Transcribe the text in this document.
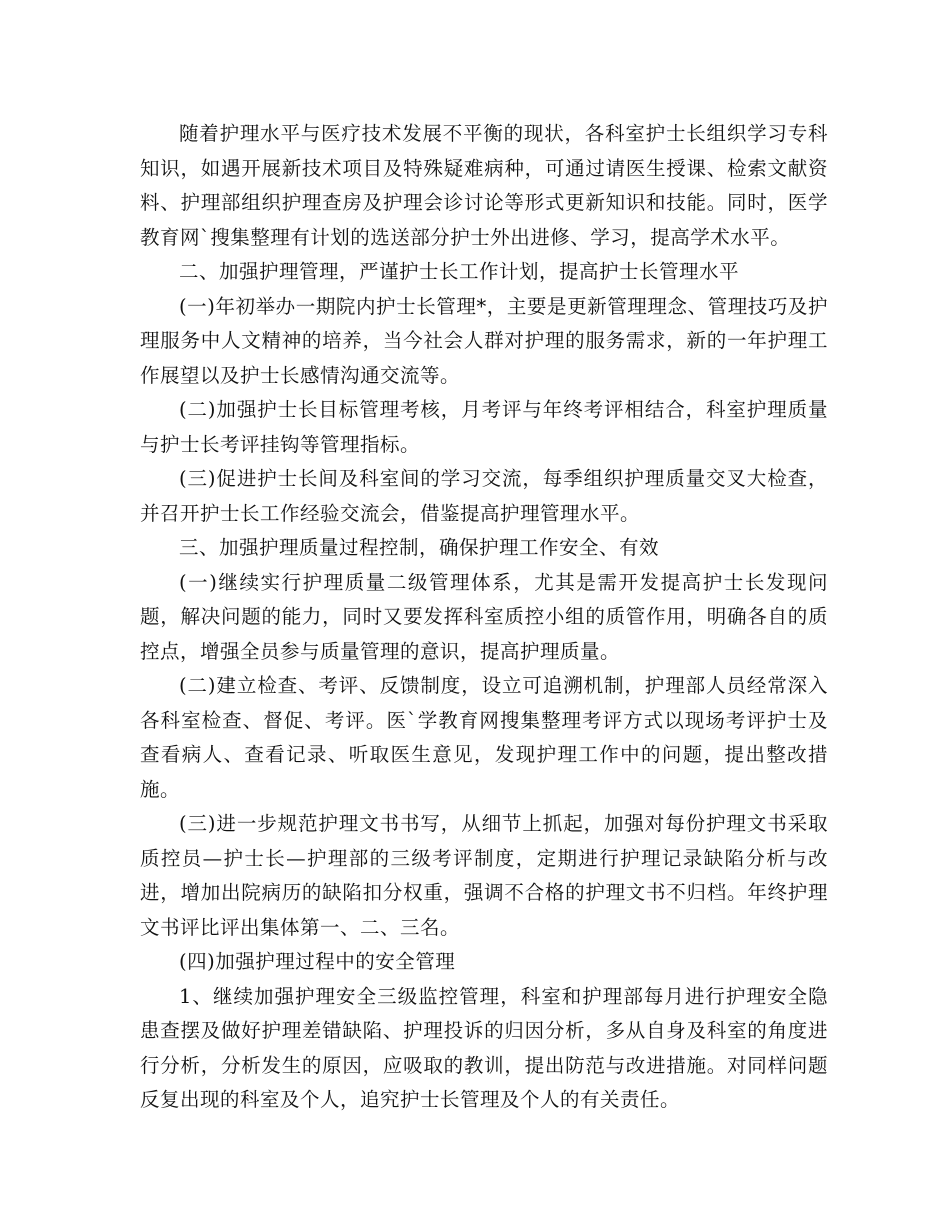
随着护理水平与医疗技术发展不平衡的现状，各科室护士长组织学习专科知识，如遇开展新技术项目及特殊疑难病种，可通过请医生授课、检索文献资料、护理部组织护理查房及护理会诊讨论等形式更新知识和技能。同时，医学教育网`搜集整理有计划的选送部分护士外出进修、学习，提高学术水平。

二、加强护理管理，严谨护士长工作计划，提高护士长管理水平

(一)年初举办一期院内护士长管理*，主要是更新管理理念、管理技巧及护理服务中人文精神的培养，当今社会人群对护理的服务需求，新的一年护理工作展望以及护士长感情沟通交流等。

(二)加强护士长目标管理考核，月考评与年终考评相结合，科室护理质量与护士长考评挂钩等管理指标。

(三)促进护士长间及科室间的学习交流，每季组织护理质量交叉大检查，并召开护士长工作经验交流会，借鉴提高护理管理水平。

三、加强护理质量过程控制，确保护理工作安全、有效

(一)继续实行护理质量二级管理体系，尤其是需开发提高护士长发现问题，解决问题的能力，同时又要发挥科室质控小组的质管作用，明确各自的质控点，增强全员参与质量管理的意识，提高护理质量。

(二)建立检查、考评、反馈制度，设立可追溯机制，护理部人员经常深入各科室检查、督促、考评。医`学教育网搜集整理考评方式以现场考评护士及查看病人、查看记录、听取医生意见，发现护理工作中的问题，提出整改措施。

(三)进一步规范护理文书书写，从细节上抓起，加强对每份护理文书采取质控员—护士长—护理部的三级考评制度，定期进行护理记录缺陷分析与改进，增加出院病历的缺陷扣分权重，强调不合格的护理文书不归档。年终护理文书评比评出集体第一、二、三名。

(四)加强护理过程中的安全管理

1、继续加强护理安全三级监控管理，科室和护理部每月进行护理安全隐患查摆及做好护理差错缺陷、护理投诉的归因分析，多从自身及科室的角度进行分析，分析发生的原因，应吸取的教训，提出防范与改进措施。对同样问题反复出现的科室及个人，追究护士长管理及个人的有关责任。
